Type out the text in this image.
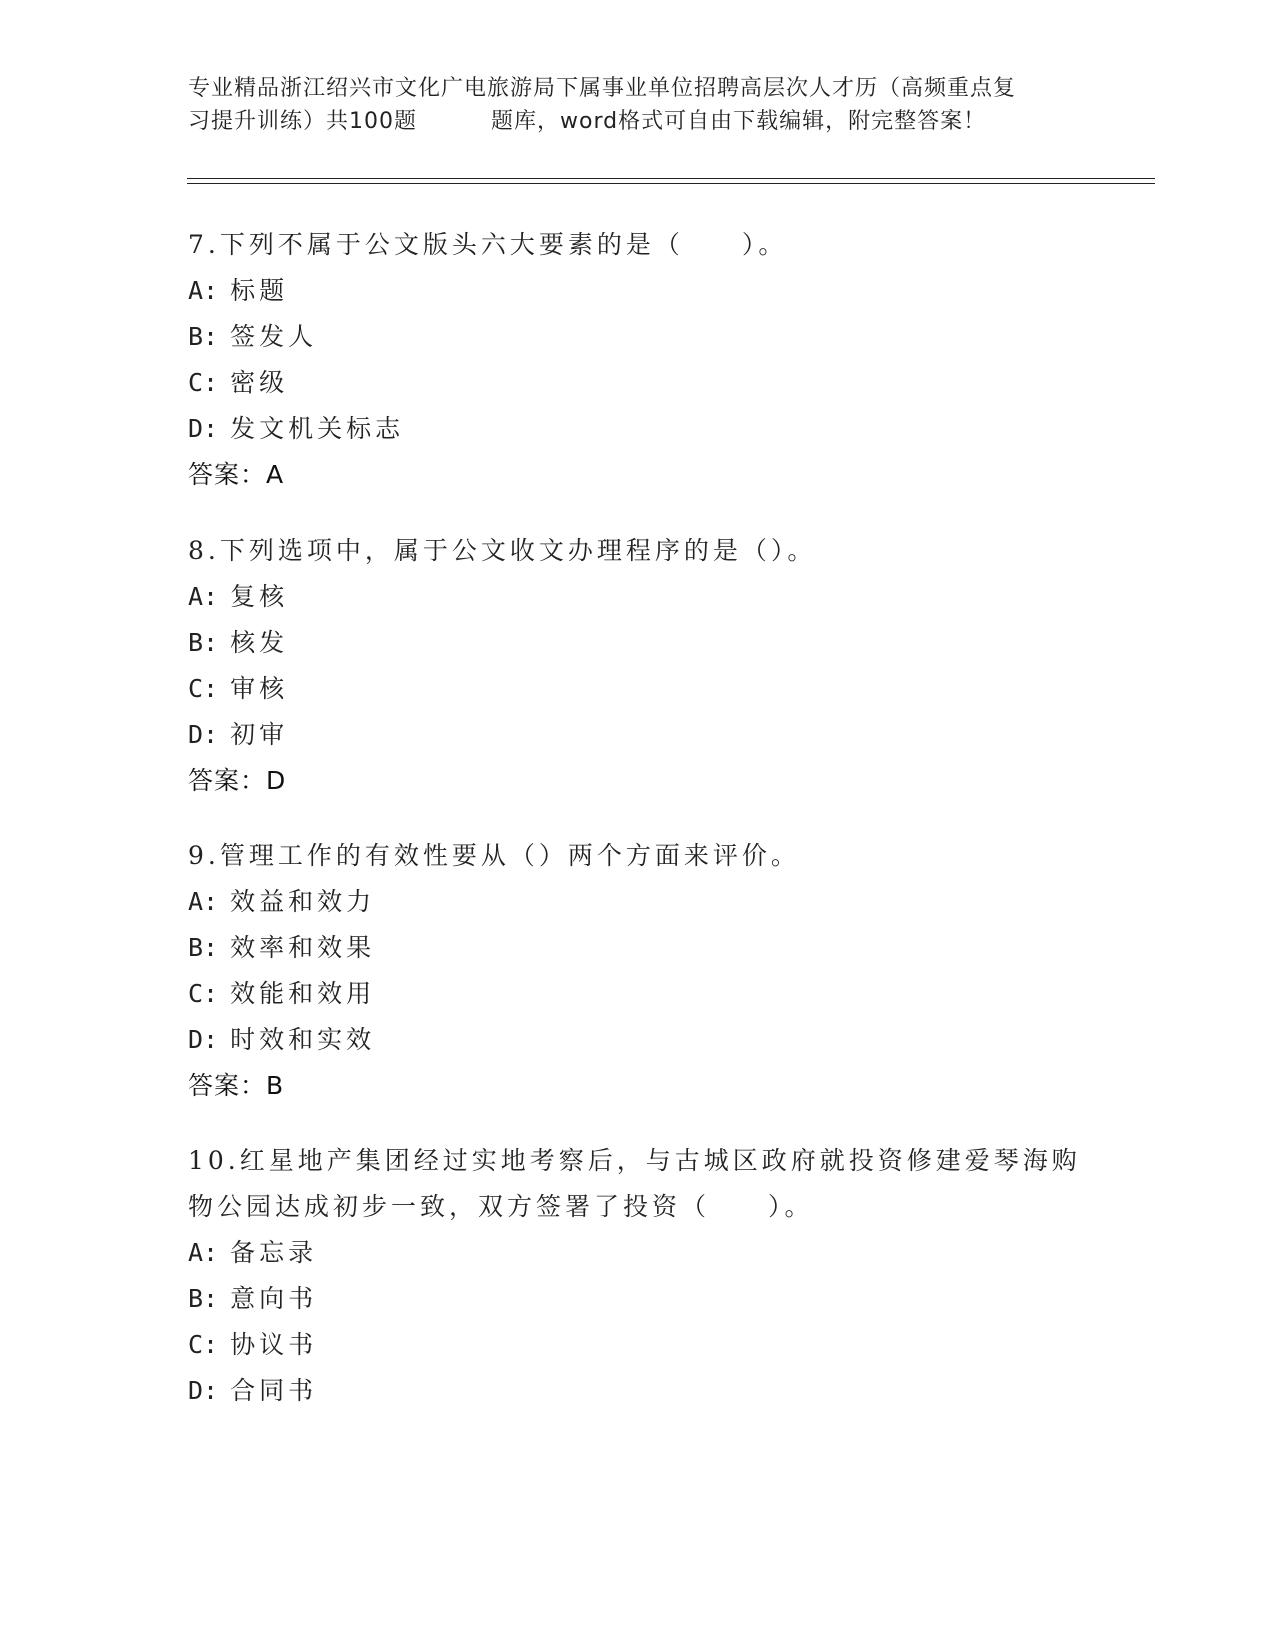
专业精品浙江绍兴市文化广电旅游局下属事业单位招聘高层次人才历（高频重点复
习提升训练）共100题	题库，word格式可自由下载编辑，附完整答案！

7.下列不属于公文版头六大要素的是（　　）。

A: 标题

B: 签发人

C: 密级

D: 发文机关标志

答案：A

8.下列选项中，属于公文收文办理程序的是（）。

A: 复核

B: 核发

C: 审核

D: 初审

答案：D

9.管理工作的有效性要从（）两个方面来评价。

A: 效益和效力

B: 效率和效果

C: 效能和效用

D: 时效和实效

答案：B

10.红星地产集团经过实地考察后，与古城区政府就投资修建爱琴海购

物公园达成初步一致，双方签署了投资（　　）。

A: 备忘录

B: 意向书

C: 协议书

D: 合同书
